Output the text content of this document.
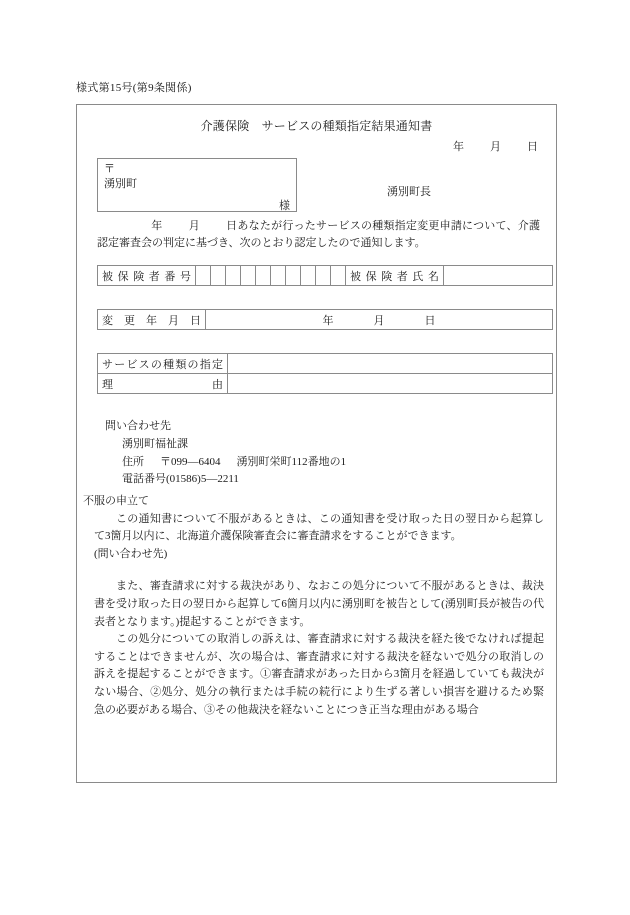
様式第15号(第9条関係)
介護保険　サービスの種類指定結果通知書
年 月 日
〒
湧別町
様
湧別町長
年 月 日あなたが行ったサービスの種類指定変更申請について、介護認定審査会の判定に基づき、次のとおり認定したので通知します。
被保険者番号											被保険者氏名	
変更年月日	年	月	日
サービスの種類の指定	
理由	
問い合わせ先
湧別町福祉課
住所 〒099—6404 湧別町栄町112番地の1
電話番号(01586)5—2211
不服の申立て

この通知書について不服があるときは、この通知書を受け取った日の翌日から起算して3箇月以内に、北海道介護保険審査会に審査請求をすることができます。

(問い合わせ先)

また、審査請求に対する裁決があり、なおこの処分について不服があるときは、裁決書を受け取った日の翌日から起算して6箇月以内に湧別町を被告として(湧別町長が被告の代表者となります。)提起することができます。

この処分についての取消しの訴えは、審査請求に対する裁決を経た後でなければ提起することはできませんが、次の場合は、審査請求に対する裁決を経ないで処分の取消しの訴えを提起することができます。①審査請求があった日から3箇月を経過していても裁決がない場合、②処分、処分の執行または手続の続行により生ずる著しい損害を避けるため緊急の必要がある場合、③その他裁決を経ないことにつき正当な理由がある場合
